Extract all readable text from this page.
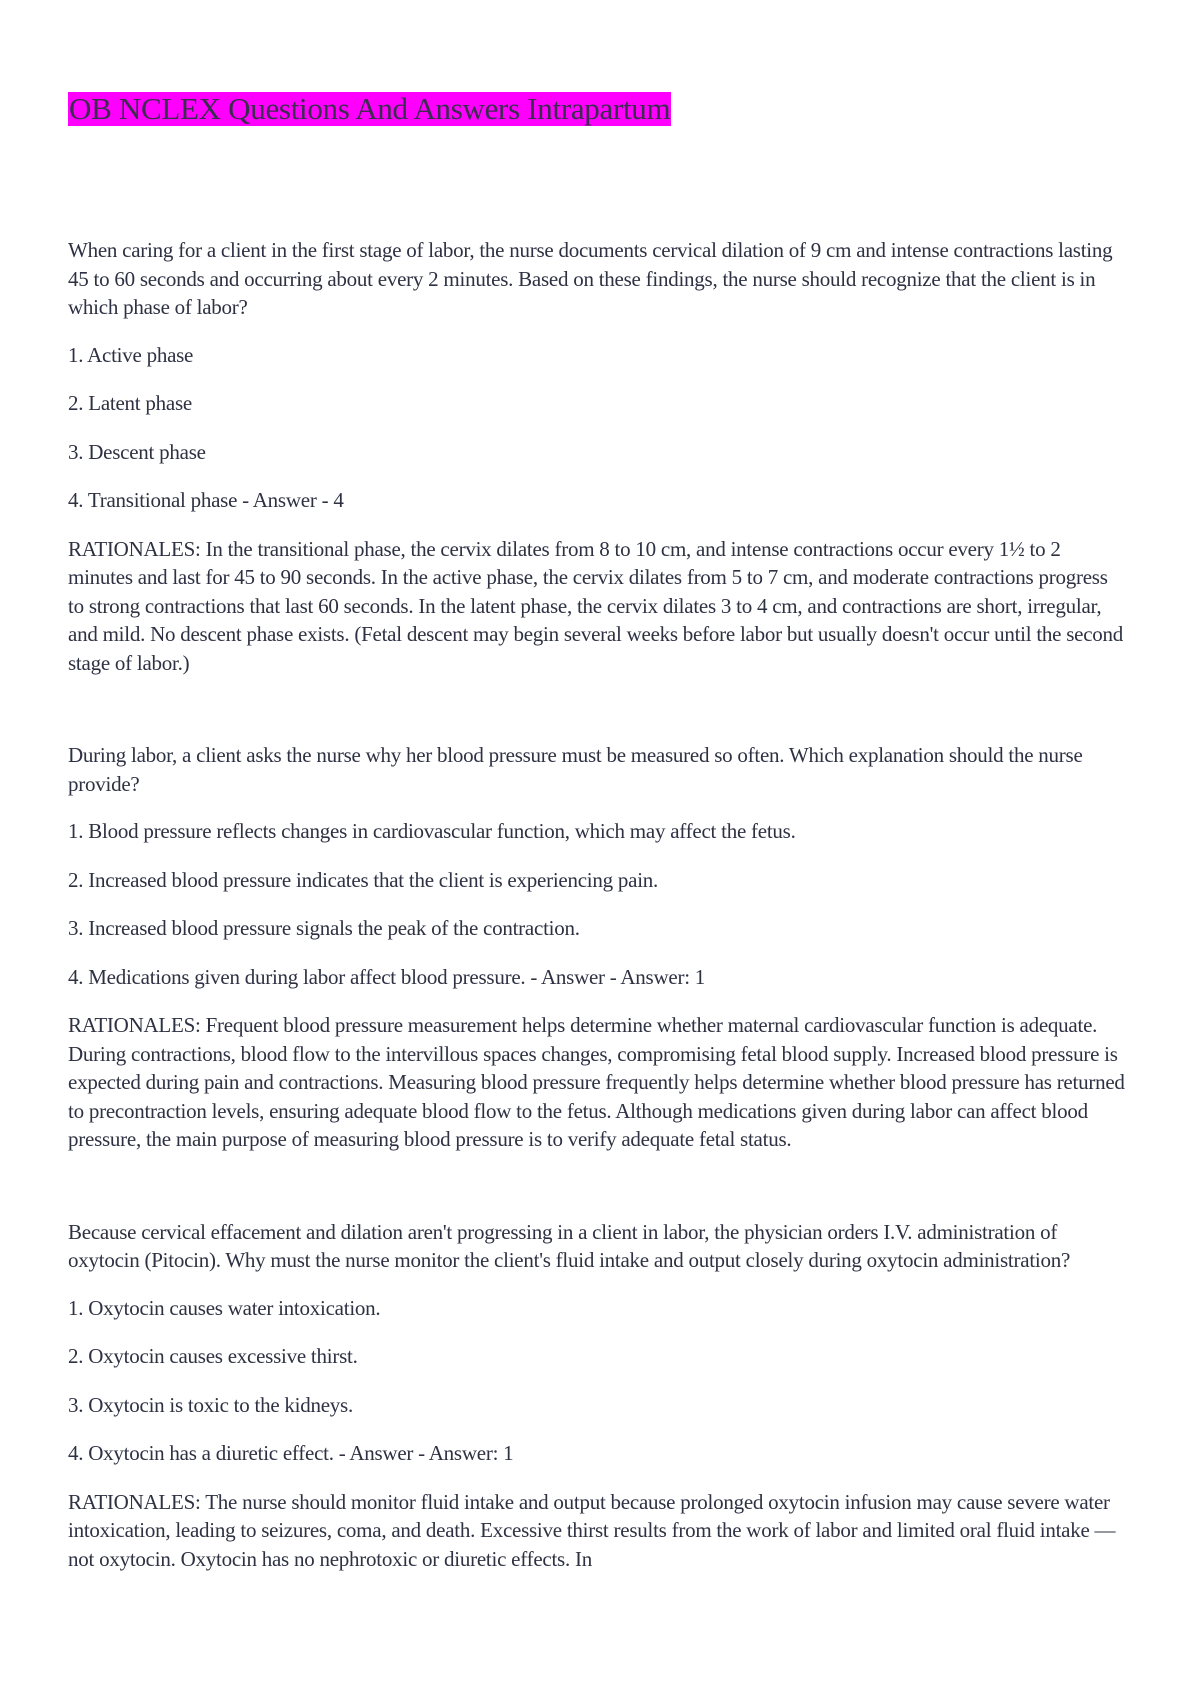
OB NCLEX Questions And Answers Intrapartum

When caring for a client in the first stage of labor, the nurse documents cervical dilation of 9 cm and intense contractions lasting 45 to 60 seconds and occurring about every 2 minutes. Based on these findings, the nurse should recognize that the client is in which phase of labor?

1. Active phase

2. Latent phase

3. Descent phase

4. Transitional phase - Answer - 4

RATIONALES: In the transitional phase, the cervix dilates from 8 to 10 cm, and intense contractions occur every 1½ to 2 minutes and last for 45 to 90 seconds. In the active phase, the cervix dilates from 5 to 7 cm, and moderate contractions progress to strong contractions that last 60 seconds. In the latent phase, the cervix dilates 3 to 4 cm, and contractions are short, irregular, and mild. No descent phase exists. (Fetal descent may begin several weeks before labor but usually doesn't occur until the second stage of labor.)

During labor, a client asks the nurse why her blood pressure must be measured so often. Which explanation should the nurse provide?

1. Blood pressure reflects changes in cardiovascular function, which may affect the fetus.

2. Increased blood pressure indicates that the client is experiencing pain.

3. Increased blood pressure signals the peak of the contraction.

4. Medications given during labor affect blood pressure. - Answer - Answer: 1

RATIONALES: Frequent blood pressure measurement helps determine whether maternal cardiovascular function is adequate. During contractions, blood flow to the intervillous spaces changes, compromising fetal blood supply. Increased blood pressure is expected during pain and contractions. Measuring blood pressure frequently helps determine whether blood pressure has returned to precontraction levels, ensuring adequate blood flow to the fetus. Although medications given during labor can affect blood pressure, the main purpose of measuring blood pressure is to verify adequate fetal status.

Because cervical effacement and dilation aren't progressing in a client in labor, the physician orders I.V. administration of oxytocin (Pitocin). Why must the nurse monitor the client's fluid intake and output closely during oxytocin administration?

1. Oxytocin causes water intoxication.

2. Oxytocin causes excessive thirst.

3. Oxytocin is toxic to the kidneys.

4. Oxytocin has a diuretic effect. - Answer - Answer: 1

RATIONALES: The nurse should monitor fluid intake and output because prolonged oxytocin infusion may cause severe water intoxication, leading to seizures, coma, and death. Excessive thirst results from the work of labor and limited oral fluid intake — not oxytocin. Oxytocin has no nephrotoxic or diuretic effects. In
